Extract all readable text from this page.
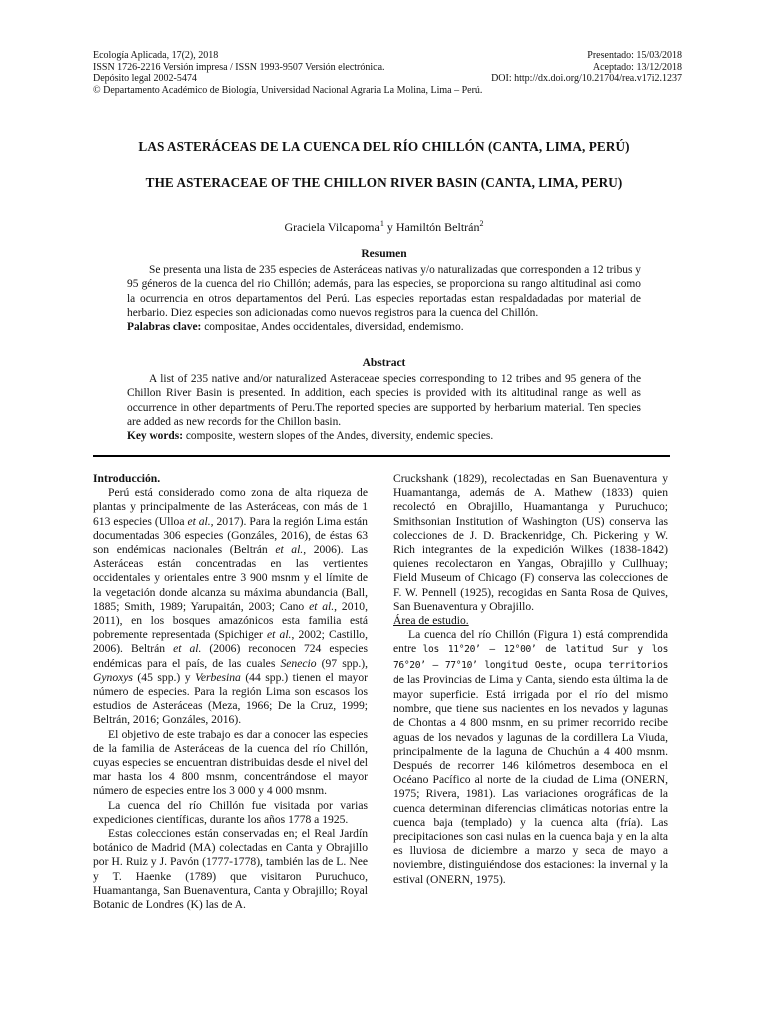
Ecología Aplicada, 17(2), 2018
ISSN 1726-2216 Versión impresa / ISSN 1993-9507 Versión electrónica.
Depósito legal 2002-5474
© Departamento Académico de Biología, Universidad Nacional Agraria La Molina, Lima – Perú.
Presentado: 15/03/2018
Aceptado: 13/12/2018
DOI: http://dx.doi.org/10.21704/rea.v17i2.1237
LAS ASTERÁCEAS DE LA CUENCA DEL RÍO CHILLÓN (CANTA, LIMA, PERÚ)
THE ASTERACEAE OF THE CHILLON RIVER BASIN (CANTA, LIMA, PERU)
Graciela Vilcapoma$^1$ y Hamiltón Beltrán$^2$
Resumen

Se presenta una lista de 235 especies de Asteráceas nativas y/o naturalizadas que corresponden a 12 tribus y 95 géneros de la cuenca del rio Chillón; además, para las especies, se proporciona su rango altitudinal asi como la ocurrencia en otros departamentos del Perú. Las especies reportadas estan respaldadadas por material de herbario. Diez especies son adicionadas como nuevos registros para la cuenca del Chillón.

Palabras clave: compositae, Andes occidentales, diversidad, endemismo.

Abstract

A list of 235 native and/or naturalized Asteraceae species corresponding to 12 tribes and 95 genera of the Chillon River Basin is presented. In addition, each species is provided with its altitudinal range as well as occurrence in other departments of Peru.The reported species are supported by herbarium material. Ten species are added as new records for the Chillon basin.

Key words: composite, western slopes of the Andes, diversity, endemic species.

Introducción.

Perú está considerado como zona de alta riqueza de plantas y principalmente de las Asteráceas, con más de 1 613 especies (Ulloa et al., 2017). Para la región Lima están documentadas 306 especies (Gonzáles, 2016), de éstas 63 son endémicas nacionales (Beltrán et al., 2006). Las Asteráceas están concentradas en las vertientes occidentales y orientales entre 3 900 msnm y el límite de la vegetación donde alcanza su máxima abundancia (Ball, 1885; Smith, 1989; Yarupaitán, 2003; Cano et al., 2010, 2011), en los bosques amazónicos esta familia está pobremente representada (Spichiger et al., 2002; Castillo, 2006). Beltrán et al. (2006) reconocen 724 especies endémicas para el país, de las cuales Senecio (97 spp.), Gynoxys (45 spp.) y Verbesina (44 spp.) tienen el mayor número de especies. Para la región Lima son escasos los estudios de Asteráceas (Meza, 1966; De la Cruz, 1999; Beltrán, 2016; Gonzáles, 2016).

El objetivo de este trabajo es dar a conocer las especies de la familia de Asteráceas de la cuenca del río Chillón, cuyas especies se encuentran distribuidas desde el nivel del mar hasta los 4 800 msnm, concentrándose el mayor número de especies entre los 3 000 y 4 000 msnm.

La cuenca del río Chillón fue visitada por varias expediciones científicas, durante los años 1778 a 1925.

Estas colecciones están conservadas en; el Real Jardín botánico de Madrid (MA) colectadas en Canta y Obrajillo por H. Ruiz y J. Pavón (1777-1778), también las de L. Nee y T. Haenke (1789) que visitaron Puruchuco, Huamantanga, San Buenaventura, Canta y Obrajillo; Royal Botanic de Londres (K) las de A.

Cruckshank (1829), recolectadas en San Buenaventura y Huamantanga, además de A. Mathew (1833) quien recolectó en Obrajillo, Huamantanga y Puruchuco; Smithsonian Institution of Washington (US) conserva las colecciones de J. D. Brackenridge, Ch. Pickering y W. Rich integrantes de la expedición Wilkes (1838-1842) quienes recolectaron en Yangas, Obrajillo y Cullhuay; Field Museum of Chicago (F) conserva las colecciones de F. W. Pennell (1925), recogidas en Santa Rosa de Quives, San Buenaventura y Obrajillo.

Área de estudio.

La cuenca del río Chillón (Figura 1) está comprendida entre los 11°20’ – 12°00’ de latitud Sur y los 76°20’ – 77°10’ longitud Oeste, ocupa territorios de las Provincias de Lima y Canta, siendo esta última la de mayor superficie. Está irrigada por el río del mismo nombre, que tiene sus nacientes en los nevados y lagunas de Chontas a 4 800 msnm, en su primer recorrido recibe aguas de los nevados y lagunas de la cordillera La Viuda, principalmente de la laguna de Chuchún a 4 400 msnm. Después de recorrer 146 kilómetros desemboca en el Océano Pacífico al norte de la ciudad de Lima (ONERN, 1975; Rivera, 1981). Las variaciones orográficas de la cuenca determinan diferencias climáticas notorias entre la cuenca baja (templado) y la cuenca alta (fría). Las precipitaciones son casi nulas en la cuenca baja y en la alta es lluviosa de diciembre a marzo y seca de mayo a noviembre, distinguiéndose dos estaciones: la invernal y la estival (ONERN, 1975).
